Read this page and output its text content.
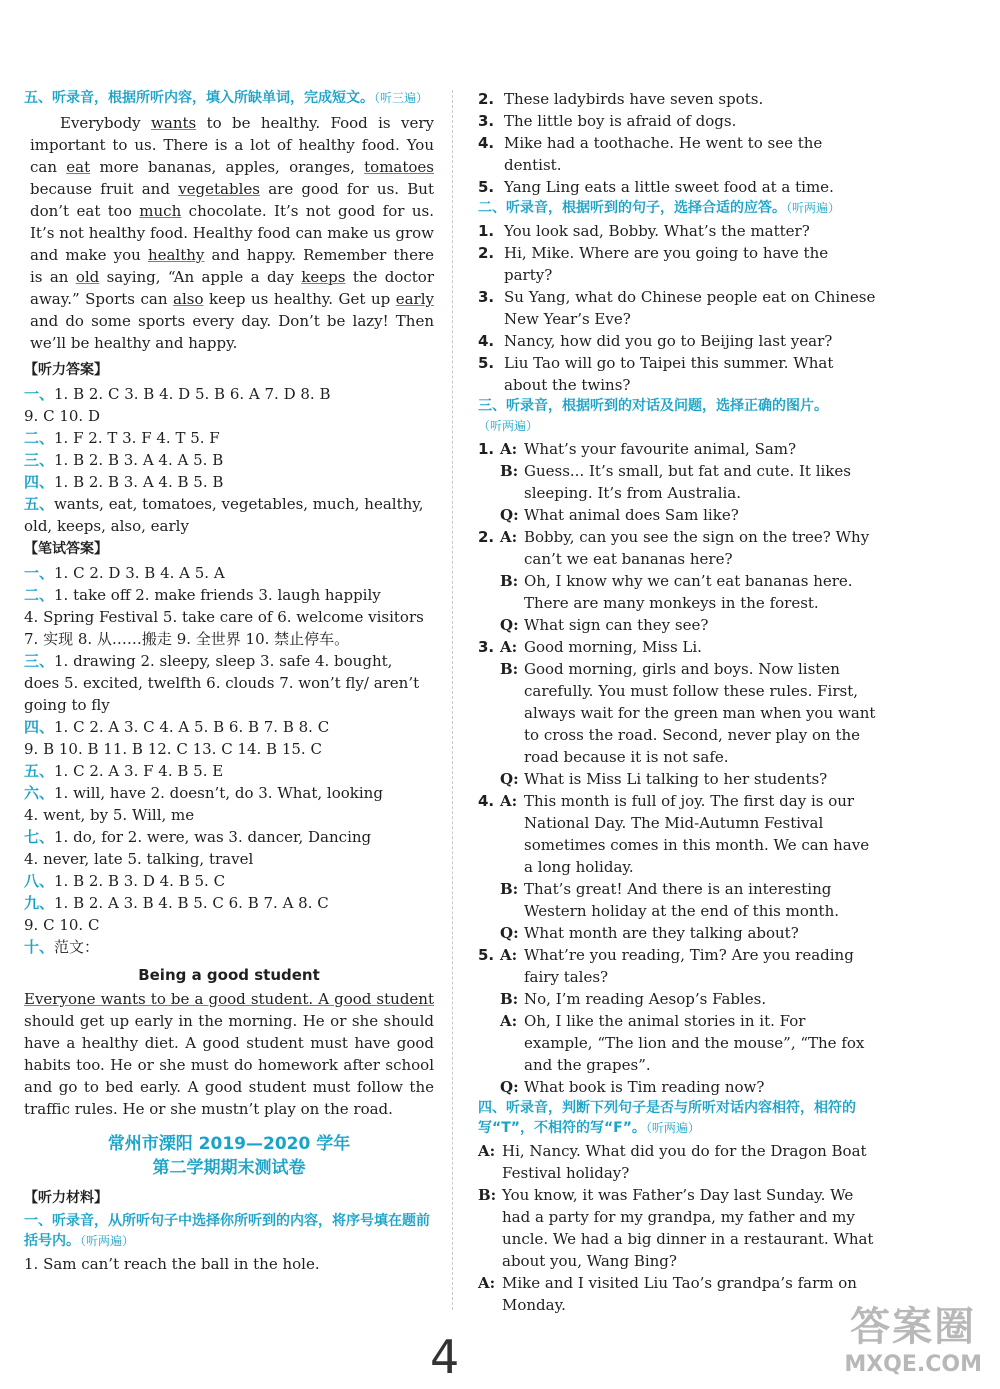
五、听录音，根据所听内容，填入所缺单词，完成短文。（听三遍）

Everybody wants to be healthy. Food is very important to us. There is a lot of healthy food. You can eat more bananas, apples, oranges, tomatoes because fruit and vegetables are good for us. But don’t eat too much chocolate. It’s not good for us. It’s not healthy food. Healthy food can make us grow and make you healthy and happy. Remember there is an old saying, “An apple a day keeps the doctor away.” Sports can also keep us healthy. Get up early and do some sports every day. Don’t be lazy! Then we’ll be healthy and happy.

【听力答案】

一、1. B 2. C 3. B 4. D 5. B 6. A 7. D 8. B

9. C 10. D

二、1. F 2. T 3. F 4. T 5. F

三、1. B 2. B 3. A 4. A 5. B

四、1. B 2. B 3. A 4. B 5. B

五、wants, eat, tomatoes, vegetables, much, healthy,

old, keeps, also, early

【笔试答案】

一、1. C 2. D 3. B 4. A 5. A

二、1. take off 2. make friends 3. laugh happily

4. Spring Festival 5. take care of 6. welcome visitors 7. 实现 8. 从……搬走 9. 全世界 10. 禁止停车。

三、1. drawing 2. sleepy, sleep 3. safe 4. bought,

does 5. excited, twelfth 6. clouds 7. won’t fly/ aren’t going to fly

四、1. C 2. A 3. C 4. A 5. B 6. B 7. B 8. C

9. B 10. B 11. B 12. C 13. C 14. B 15. C

五、1. C 2. A 3. F 4. B 5. E

六、1. will, have 2. doesn’t, do 3. What, looking

4. went, by 5. Will, me

七、1. do, for 2. were, was 3. dancer, Dancing

4. never, late 5. talking, travel

八、1. B 2. B 3. D 4. B 5. C

九、1. B 2. A 3. B 4. B 5. C 6. B 7. A 8. C

9. C 10. C

十、范文：

Being a good student

Everyone wants to be a good student. A good student should get up early in the morning. He or she should have a healthy diet. A good student must have good habits too. He or she must do homework after school and go to bed early. A good student must follow the traffic rules. He or she mustn’t play on the road.

常州市溧阳 2019—2020 学年
第二学期期末测试卷

【听力材料】

一、听录音，从所听句子中选择你所听到的内容，将序号填在题前括号内。（听两遍）

1. Sam can’t reach the ball in the hole.

2. These ladybirds have seven spots.
3. The little boy is afraid of dogs.
4. Mike had a toothache. He went to see the dentist.
5. Yang Ling eats a little sweet food at a time.

二、听录音，根据听到的句子，选择合适的应答。（听两遍）

1. You look sad, Bobby. What’s the matter?
2. Hi, Mike. Where are you going to have the party?
3. Su Yang, what do Chinese people eat on Chinese New Year’s Eve?
4. Nancy, how did you go to Beijing last year?
5. Liu Tao will go to Taipei this summer. What about the twins?

三、听录音，根据听到的对话及问题，选择正确的图片。（听两遍）

1. A: What’s your favourite animal, Sam?
B: Guess... It’s small, but fat and cute. It likes sleeping. It’s from Australia.
Q: What animal does Sam like?
2. A: Bobby, can you see the sign on the tree? Why can’t we eat bananas here?
B: Oh, I know why we can’t eat bananas here. There are many monkeys in the forest.
Q: What sign can they see?
3. A: Good morning, Miss Li.
B: Good morning, girls and boys. Now listen carefully. You must follow these rules. First, always wait for the green man when you want to cross the road. Second, never play on the road because it is not safe.
Q: What is Miss Li talking to her students?
4. A: This month is full of joy. The first day is our National Day. The Mid-Autumn Festival sometimes comes in this month. We can have a long holiday.
B: That’s great! And there is an interesting Western holiday at the end of this month.
Q: What month are they talking about?
5. A: What’re you reading, Tim? Are you reading fairy tales?
B: No, I’m reading Aesop’s Fables.
A: Oh, I like the animal stories in it. For example, “The lion and the mouse”, “The fox and the grapes”.
Q: What book is Tim reading now?

四、听录音，判断下列句子是否与所听对话内容相符，相符的写“T”，不相符的写“F”。（听两遍）

A: Hi, Nancy. What did you do for the Dragon Boat Festival holiday?
B: You know, it was Father’s Day last Sunday. We had a party for my grandpa, my father and my uncle. We had a big dinner in a restaurant. What about you, Wang Bing?
A: Mike and I visited Liu Tao’s grandpa’s farm on Monday.
4
答案圈
MXQE.COM
